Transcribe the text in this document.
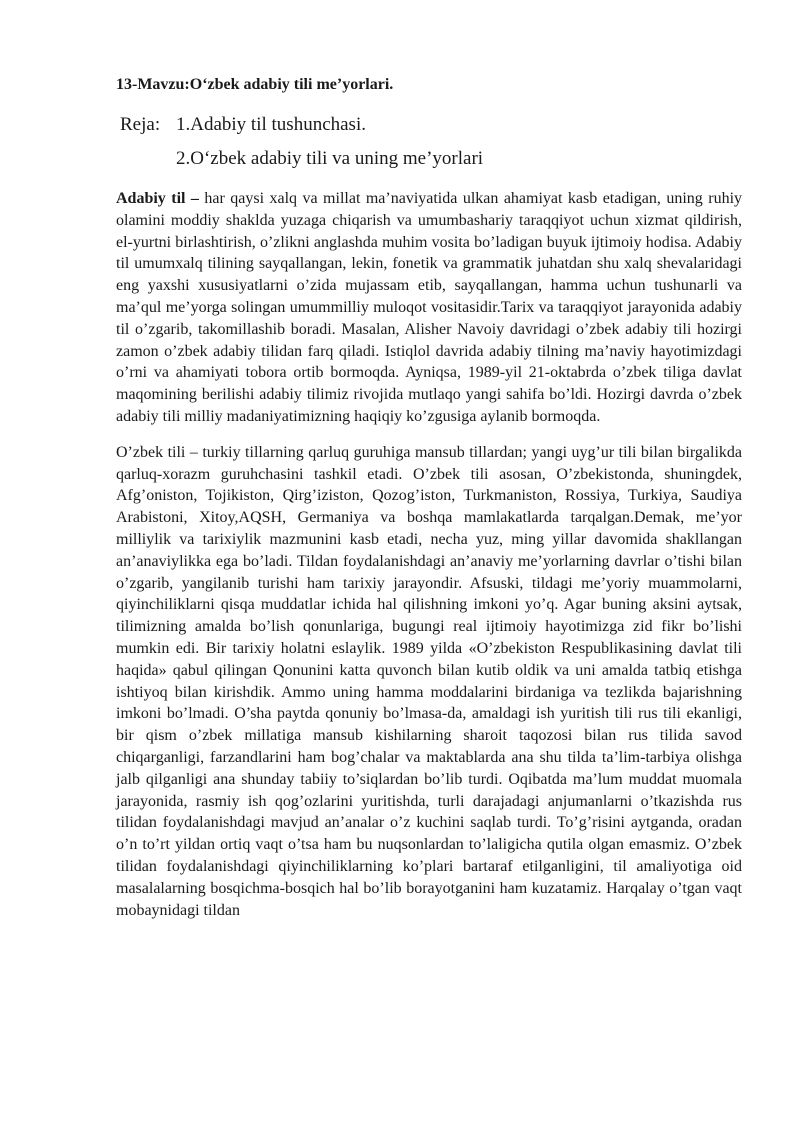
13-Mavzu:O‘zbek adabiy tili me’yorlari.
Reja: 1.Adabiy til tushunchasi.
2.O‘zbek adabiy tili va uning me’yorlari

Adabiy til – har qaysi xalq va millat ma’naviyatida ulkan ahamiyat kasb etadigan, uning ruhiy olamini moddiy shaklda yuzaga chiqarish va umumbashariy taraqqiyot uchun xizmat qildirish, el-yurtni birlashtirish, o’zlikni anglashda muhim vosita bo’ladigan buyuk ijtimoiy hodisa. Adabiy til umumxalq tilining sayqallangan, lekin, fonetik va grammatik juhatdan shu xalq shevalaridagi eng yaxshi xususiyatlarni o’zida mujassam etib, sayqallangan, hamma uchun tushunarli va ma’qul me’yorga solingan umummilliy muloqot vositasidir.Tarix va taraqqiyot jarayonida adabiy til o’zgarib, takomillashib boradi. Masalan, Alisher Navoiy davridagi o’zbek adabiy tili hozirgi zamon o’zbek adabiy tilidan farq qiladi. Istiqlol davrida adabiy tilning ma’naviy hayotimizdagi o’rni va ahamiyati tobora ortib bormoqda. Ayniqsa, 1989-yil 21-oktabrda o’zbek tiliga davlat maqomining berilishi adabiy tilimiz rivojida mutlaqo yangi sahifa bo’ldi. Hozirgi davrda o’zbek adabiy tili milliy madaniyatimizning haqiqiy ko’zgusiga aylanib bormoqda.

O’zbek tili – turkiy tillarning qarluq guruhiga mansub tillardan; yangi uyg’ur tili bilan birgalikda qarluq-xorazm guruhchasini tashkil etadi. O’zbek tili asosan, O’zbekistonda, shuningdek, Afg’oniston, Tojikiston, Qirg’iziston, Qozog’iston, Turkmaniston, Rossiya, Turkiya, Saudiya Arabistoni, Xitoy,AQSH, Germaniya va boshqa mamlakatlarda tarqalgan.Demak, me’yor milliylik va tarixiylik mazmunini kasb etadi, necha yuz, ming yillar davomida shakllangan an’anaviylikka ega bo’ladi. Tildan foydalanishdagi an’anaviy me’yorlarning davrlar o’tishi bilan o’zgarib, yangilanib turishi ham tarixiy jarayondir. Afsuski, tildagi me’yoriy muammolarni, qiyinchiliklarni qisqa muddatlar ichida hal qilishning imkoni yo’q. Agar buning aksini aytsak, tilimizning amalda bo’lish qonunlariga, bugungi real ijtimoiy hayotimizga zid fikr bo’lishi mumkin edi. Bir tarixiy holatni eslaylik. 1989 yilda «O’zbekiston Respublikasining davlat tili haqida» qabul qilingan Qonunini katta quvonch bilan kutib oldik va uni amalda tatbiq etishga ishtiyoq bilan kirishdik. Ammo uning hamma moddalarini birdaniga va tezlikda bajarishning imkoni bo’lmadi. O’sha paytda qonuniy bo’lmasa-da, amaldagi ish yuritish tili rus tili ekanligi, bir qism o’zbek millatiga mansub kishilarning sharoit taqozosi bilan rus tilida savod chiqarganligi, farzandlarini ham bog’chalar va maktablarda ana shu tilda ta’lim-tarbiya olishga jalb qilganligi ana shunday tabiiy to’siqlardan bo’lib turdi. Oqibatda ma’lum muddat muomala jarayonida, rasmiy ish qog’ozlarini yuritishda, turli darajadagi anjumanlarni o’tkazishda rus tilidan foydalanishdagi mavjud an’analar o’z kuchini saqlab turdi. To’g’risini aytganda, oradan o’n to’rt yildan ortiq vaqt o’tsa ham bu nuqsonlardan to’laligicha qutila olgan emasmiz. O’zbek tilidan foydalanishdagi qiyinchiliklarning ko’plari bartaraf etilganligini, til amaliyotiga oid masalalarning bosqichma-bosqich hal bo’lib borayotganini ham kuzatamiz. Harqalay o’tgan vaqt mobaynidagi tildan
